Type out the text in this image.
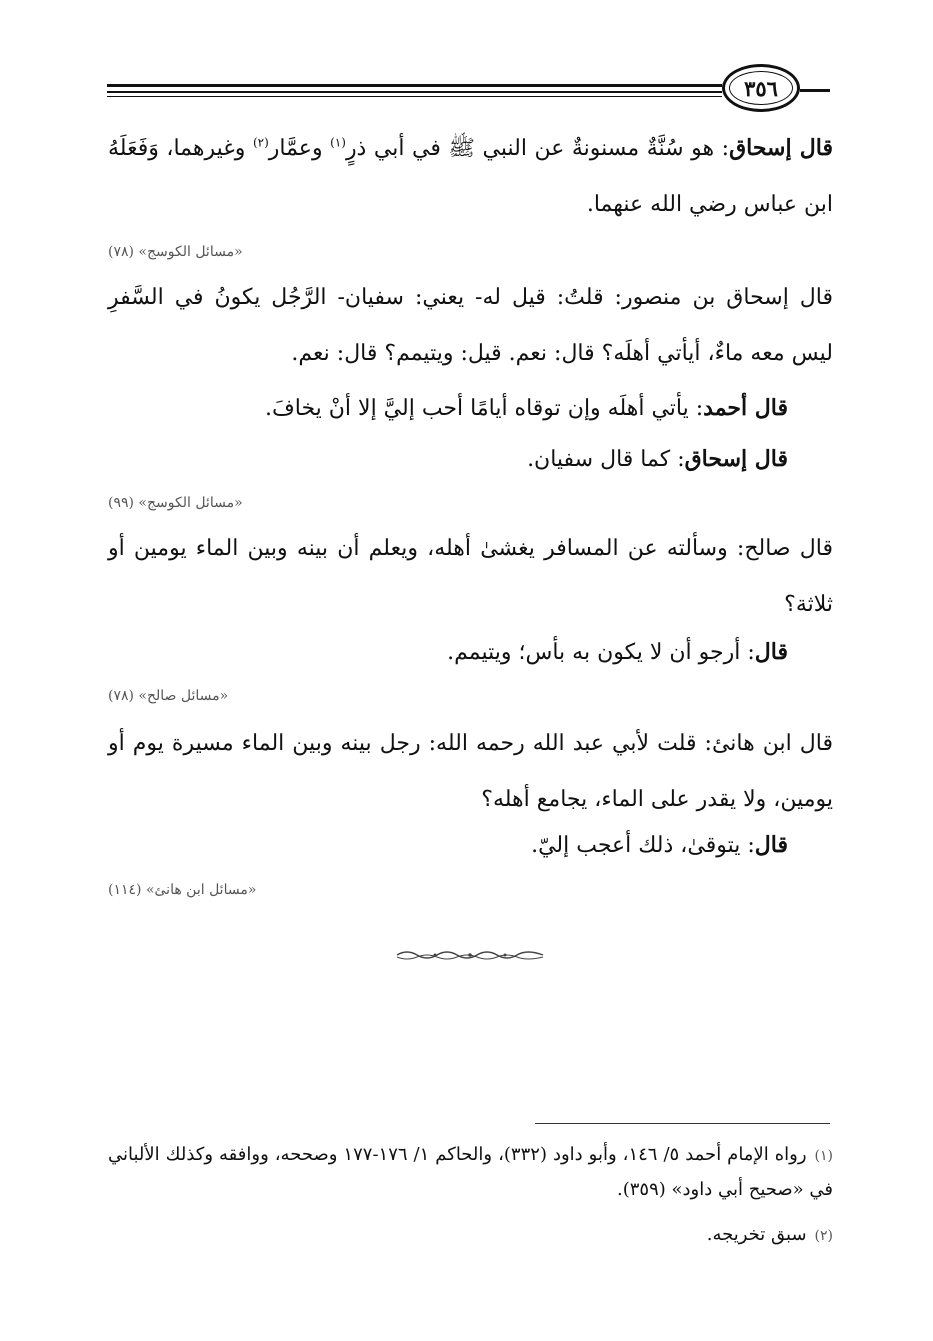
٣٥٦
قال إسحاق: هو سُنَّةٌ مسنونةٌ عن النبي ﷺ في أبي ذرٍ$^{(١)}$ وعمَّار$^{(٢)}$ وغيرهما، وَفَعَلَهُ ابن عباس رضي الله عنهما.
«مسائل الكوسج» (٧٨)
قال إسحاق بن منصور: قلتُ: قيل له- يعني: سفيان- الرَّجُل يكونُ في السَّفرِ ليس معه ماءٌ، أيأتي أهلَه؟ قال: نعم. قيل: ويتيمم؟ قال: نعم.
قال أحمد: يأتي أهلَه وإن توقاه أيامًا أحب إليَّ إلا أنْ يخافَ.
قال إسحاق: كما قال سفيان.
«مسائل الكوسج» (٩٩)
قال صالح: وسألته عن المسافر يغشىٰ أهله، ويعلم أن بينه وبين الماء يومين أو ثلاثة؟
قال: أرجو أن لا يكون به بأس؛ ويتيمم.
«مسائل صالح» (٧٨)
قال ابن هانئ: قلت لأبي عبد الله رحمه الله: رجل بينه وبين الماء مسيرة يوم أو يومين، ولا يقدر على الماء، يجامع أهله؟
قال: يتوقىٰ، ذلك أعجب إليّ.
«مسائل ابن هانئ» (١١٤)
(١)رواه الإمام أحمد ٥/ ١٤٦، وأبو داود (٣٣٢)، والحاكم ١/ ١٧٦-١٧٧ وصححه، ووافقه وكذلك الألباني في «صحيح أبي داود» (٣٥٩).
(٢)سبق تخريجه.
